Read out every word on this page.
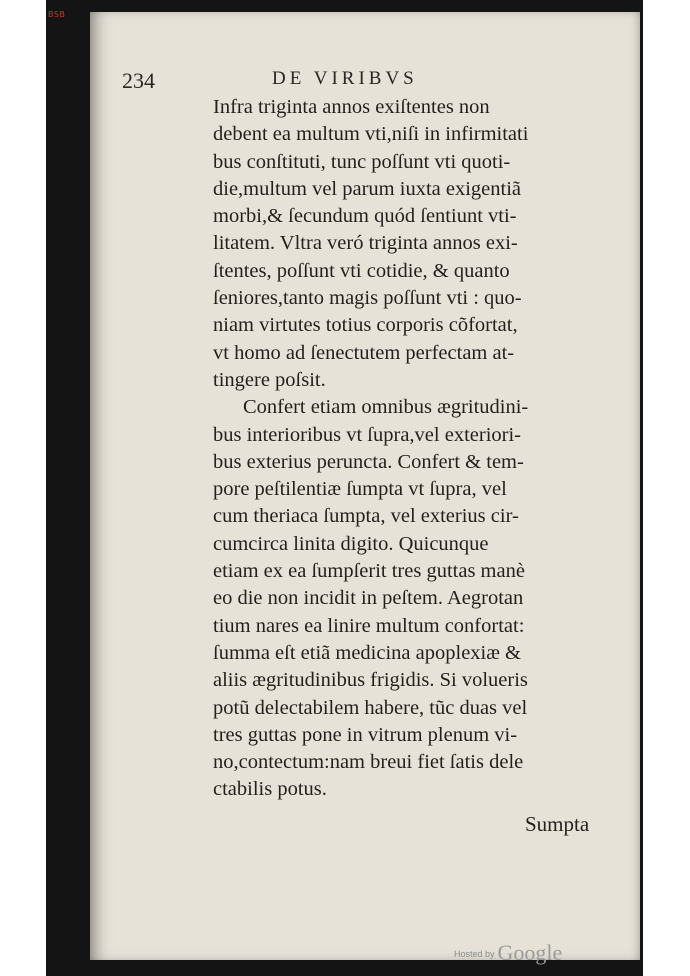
BSB
234	DE VIRIBVS
Infra triginta annos exiſtentes non
debent ea multum vti,niſi in infirmitati
bus conſtituti, tunc poſſunt vti quoti-
die,multum vel parum iuxta exigentiã
morbi,& ſecundum quód ſentiunt vti-
litatem. Vltra veró triginta annos exi-
ſtentes, poſſunt vti cotidie, & quanto
ſeniores,tanto magis poſſunt vti : quo-
niam virtutes totius corporis cõfortat,
vt homo ad ſenectutem perfectam at-
tingere poſsit.
Confert etiam omnibus ægritudini-
bus interioribus vt ſupra,vel exteriori-
bus exterius peruncta. Confert & tem-
pore peſtilentiæ ſumpta vt ſupra, vel
cum theriaca ſumpta, vel exterius cir-
cumcirca linita digito. Quicunque
etiam ex ea ſumpſerit tres guttas manè
eo die non incidit in peſtem. Aegrotan
tium nares ea linire multum confortat:
ſumma eſt etiã medicina apoplexiæ &
aliis ægritudinibus frigidis. Si volueris
potũ delectabilem habere, tũc duas vel
tres guttas pone in vitrum plenum vi-
no,contectum:nam breui fiet ſatis dele
ctabilis potus.
Sumpta
Hosted by Google
